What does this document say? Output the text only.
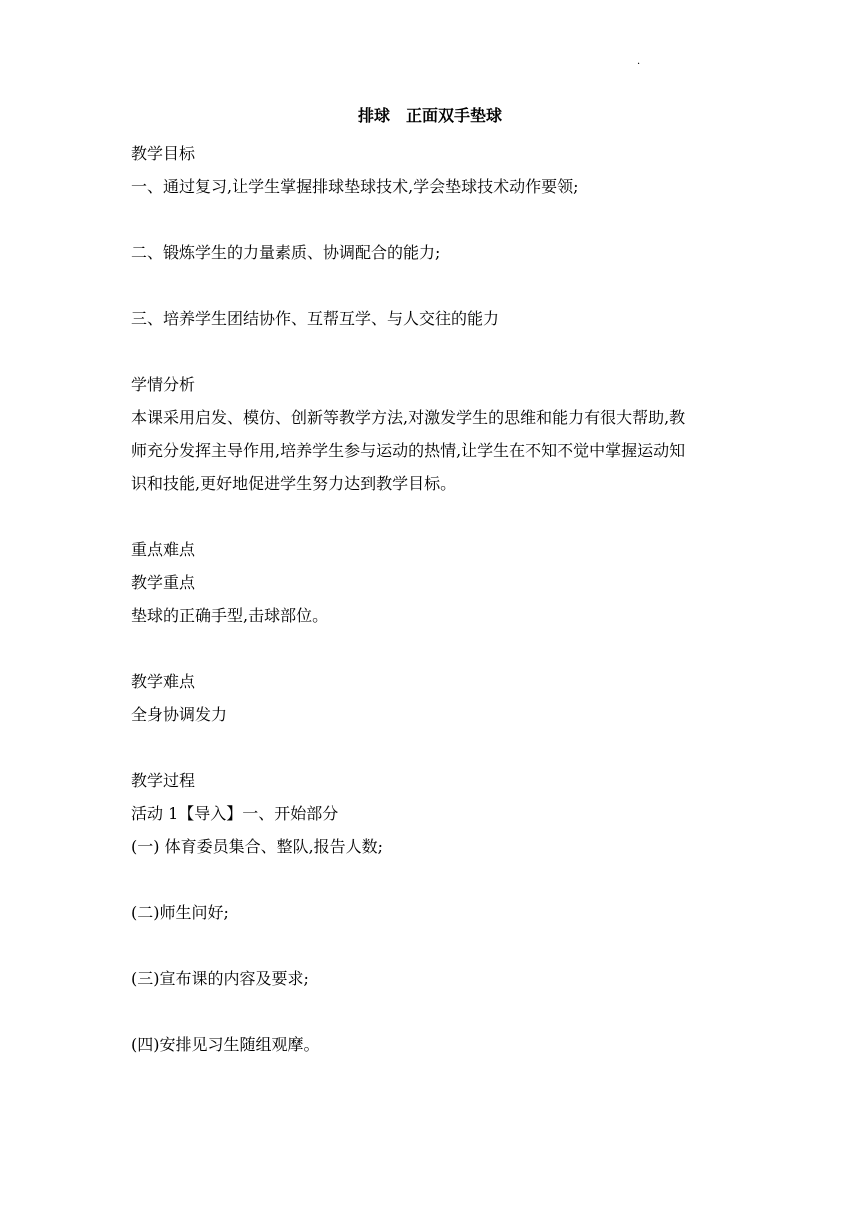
·
排球　正面双手垫球
教学目标
一、通过复习,让学生掌握排球垫球技术,学会垫球技术动作要领;
二、锻炼学生的力量素质、协调配合的能力;
三、培养学生团结协作、互帮互学、与人交往的能力
学情分析
本课采用启发、模仿、创新等教学方法,对激发学生的思维和能力有很大帮助,教
师充分发挥主导作用,培养学生参与运动的热情,让学生在不知不觉中掌握运动知
识和技能,更好地促进学生努力达到教学目标。
重点难点
教学重点
垫球的正确手型,击球部位。
教学难点
全身协调发力
教学过程
活动 1【导入】一、开始部分
(一) 体育委员集合、整队,报告人数;
(二)师生问好;
(三)宣布课的内容及要求;
(四)安排见习生随组观摩。
